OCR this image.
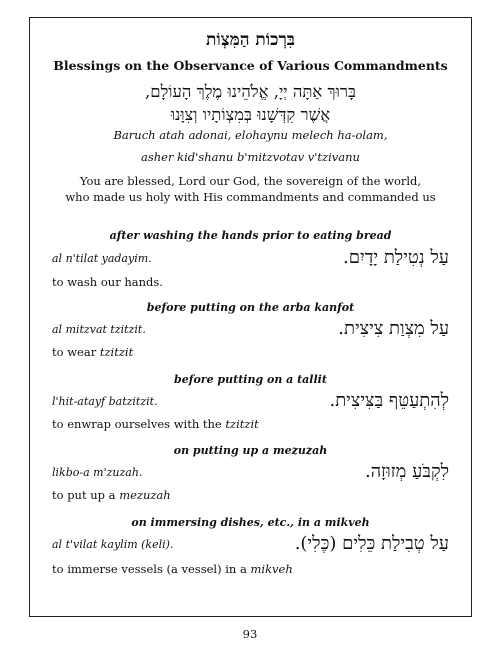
בִּרְכוֹת הַמִּצְוֹת
Blessings on the Observance of Various Commandments
בָּרוּךְ אַתָּה יְיָ, אֱלֹהֵינוּ מֶלֶךְ הָעוֹלָם,
אֲשֶׁר קִדְּשָׁנוּ בְּמִצְוֹתָיו וְצִוָּנוּ
Baruch atah adonai, elohaynu melech ha-olam,
asher kid'shanu b'mitzvotav v'tzivanu
You are blessed, Lord our God, the sovereign of the world,
who made us holy with His commandments and commanded us
after washing the hands prior to eating bread
al n'tilat yadayim.	עַל נְטִילַת יָדָיִם.
to wash our hands.
before putting on the arba kanfot
al mitzvat tzitzit.	עַל מִצְוַת צִיצִית.
to wear tzitzit
before putting on a tallit
l'hit-atayf batzitzit.	לְהִתְעַטֵּף בַּצִּיצִית.
to enwrap ourselves with the tzitzit
on putting up a mezuzah
likbo-a m'zuzah.	לִקְבֹּעַ מְזוּזָה.
to put up a mezuzah
on immersing dishes, etc., in a mikveh
al t'vilat kaylim (keli).	עַל טְבִילַת כֵּלִים (כֶּלִי).
to immerse vessels (a vessel) in a mikveh
93
